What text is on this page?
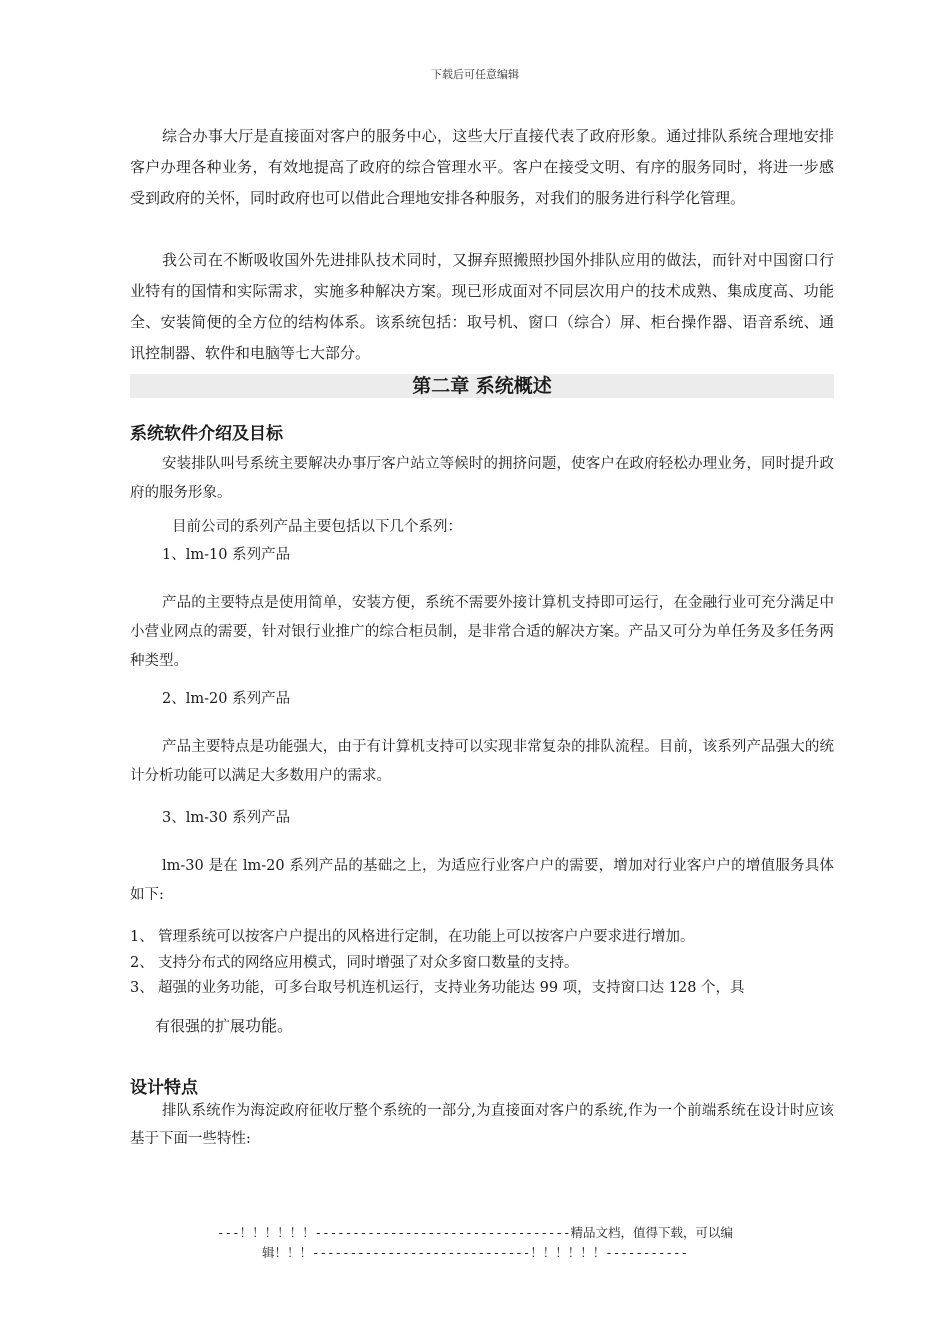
下载后可任意编辑
综合办事大厅是直接面对客户的服务中心，这些大厅直接代表了政府形象。通过排队系统合理地安排客户办理各种业务，有效地提高了政府的综合管理水平。客户在接受文明、有序的服务同时，将进一步感受到政府的关怀，同时政府也可以借此合理地安排各种服务，对我们的服务进行科学化管理。
我公司在不断吸收国外先进排队技术同时，又摒弃照搬照抄国外排队应用的做法，而针对中国窗口行业特有的国情和实际需求，实施多种解决方案。现已形成面对不同层次用户的技术成熟、集成度高、功能全、安装简便的全方位的结构体系。该系统包括：取号机、窗口（综合）屏、柜台操作器、语音系统、通讯控制器、软件和电脑等七大部分。
第二章 系统概述
系统软件介绍及目标
安装排队叫号系统主要解决办事厅客户站立等候时的拥挤问题，使客户在政府轻松办理业务，同时提升政府的服务形象。
目前公司的系列产品主要包括以下几个系列：
1、lm-10 系列产品
产品的主要特点是使用简单，安装方便，系统不需要外接计算机支持即可运行，在金融行业可充分满足中小营业网点的需要，针对银行业推广的综合柜员制，是非常合适的解决方案。产品又可分为单任务及多任务两种类型。
2、lm-20 系列产品
产品主要特点是功能强大，由于有计算机支持可以实现非常复杂的排队流程。目前，该系列产品强大的统计分析功能可以满足大多数用户的需求。
3、lm-30 系列产品
lm-30 是在 lm-20 系列产品的基础之上，为适应行业客户户的需要，增加对行业客户户的增值服务具体如下:
1、 管理系统可以按客户户提出的风格进行定制，在功能上可以按客户户要求进行增加。
2、 支持分布式的网络应用模式，同时增强了对众多窗口数量的支持。
3、 超强的业务功能，可多台取号机连机运行，支持业务功能达 99 项，支持窗口达 128 个，具
有很强的扩展功能。
设计特点
排队系统作为海淀政府征收厅整个系统的一部分,为直接面对客户的系统,作为一个前端系统在设计时应该基于下面一些特性:
---！！！！！！----------------------------------精品文档，值得下载，可以编
辑！！！-----------------------------！！！！！！-----------
